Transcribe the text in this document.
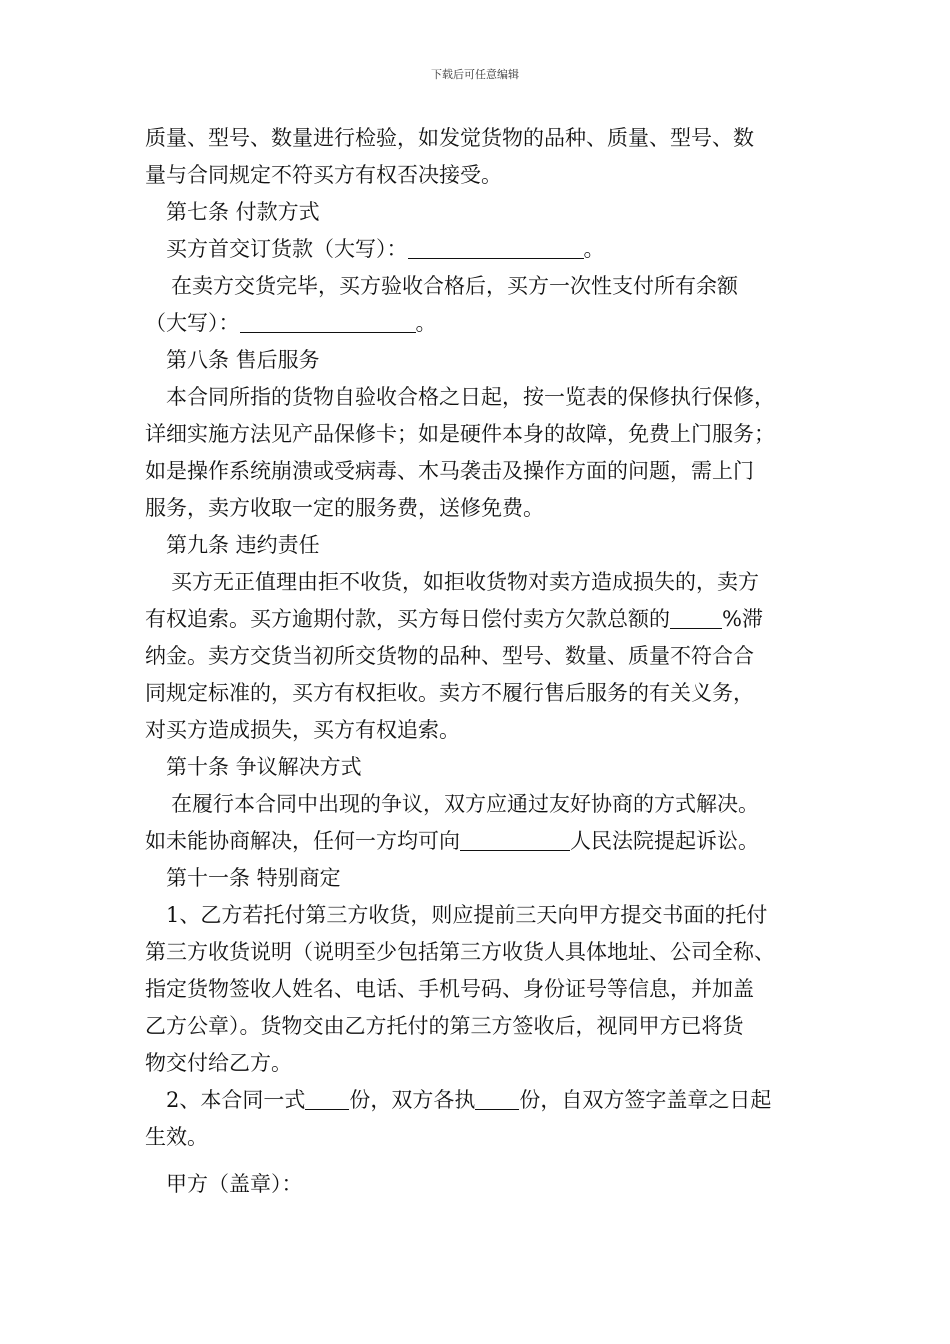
下载后可任意编辑
质量、型号、数量进行检验，如发觉货物的品种、质量、型号、数
量与合同规定不符买方有权否决接受。
第七条 付款方式
买方首交订货款（大写）：	。
在卖方交货完毕，买方验收合格后，买方一次性支付所有余额
（大写）：	。
第八条 售后服务
本合同所指的货物自验收合格之日起，按一览表的保修执行保修，
详细实施方法见产品保修卡；如是硬件本身的故障，免费上门服务；
如是操作系统崩溃或受病毒、木马袭击及操作方面的问题，需上门
服务，卖方收取一定的服务费，送修免费。
第九条 违约责任
买方无正值理由拒不收货，如拒收货物对卖方造成损失的，卖方
有权追索。买方逾期付款，买方每日偿付卖方欠款总额的 %滞
纳金。卖方交货当初所交货物的品种、型号、数量、质量不符合合
同规定标准的，买方有权拒收。卖方不履行售后服务的有关义务，
对买方造成损失，买方有权追索。
第十条 争议解决方式
在履行本合同中出现的争议，双方应通过友好协商的方式解决。
如未能协商解决，任何一方均可向	人民法院提起诉讼。
第十一条 特别商定
1、乙方若托付第三方收货，则应提前三天向甲方提交书面的托付
第三方收货说明（说明至少包括第三方收货人具体地址、公司全称、
指定货物签收人姓名、电话、手机号码、身份证号等信息，并加盖
乙方公章）。货物交由乙方托付的第三方签收后，视同甲方已将货
物交付给乙方。
2、本合同一式 份，双方各执 份，自双方签字盖章之日起
生效。
甲方（盖章）：
